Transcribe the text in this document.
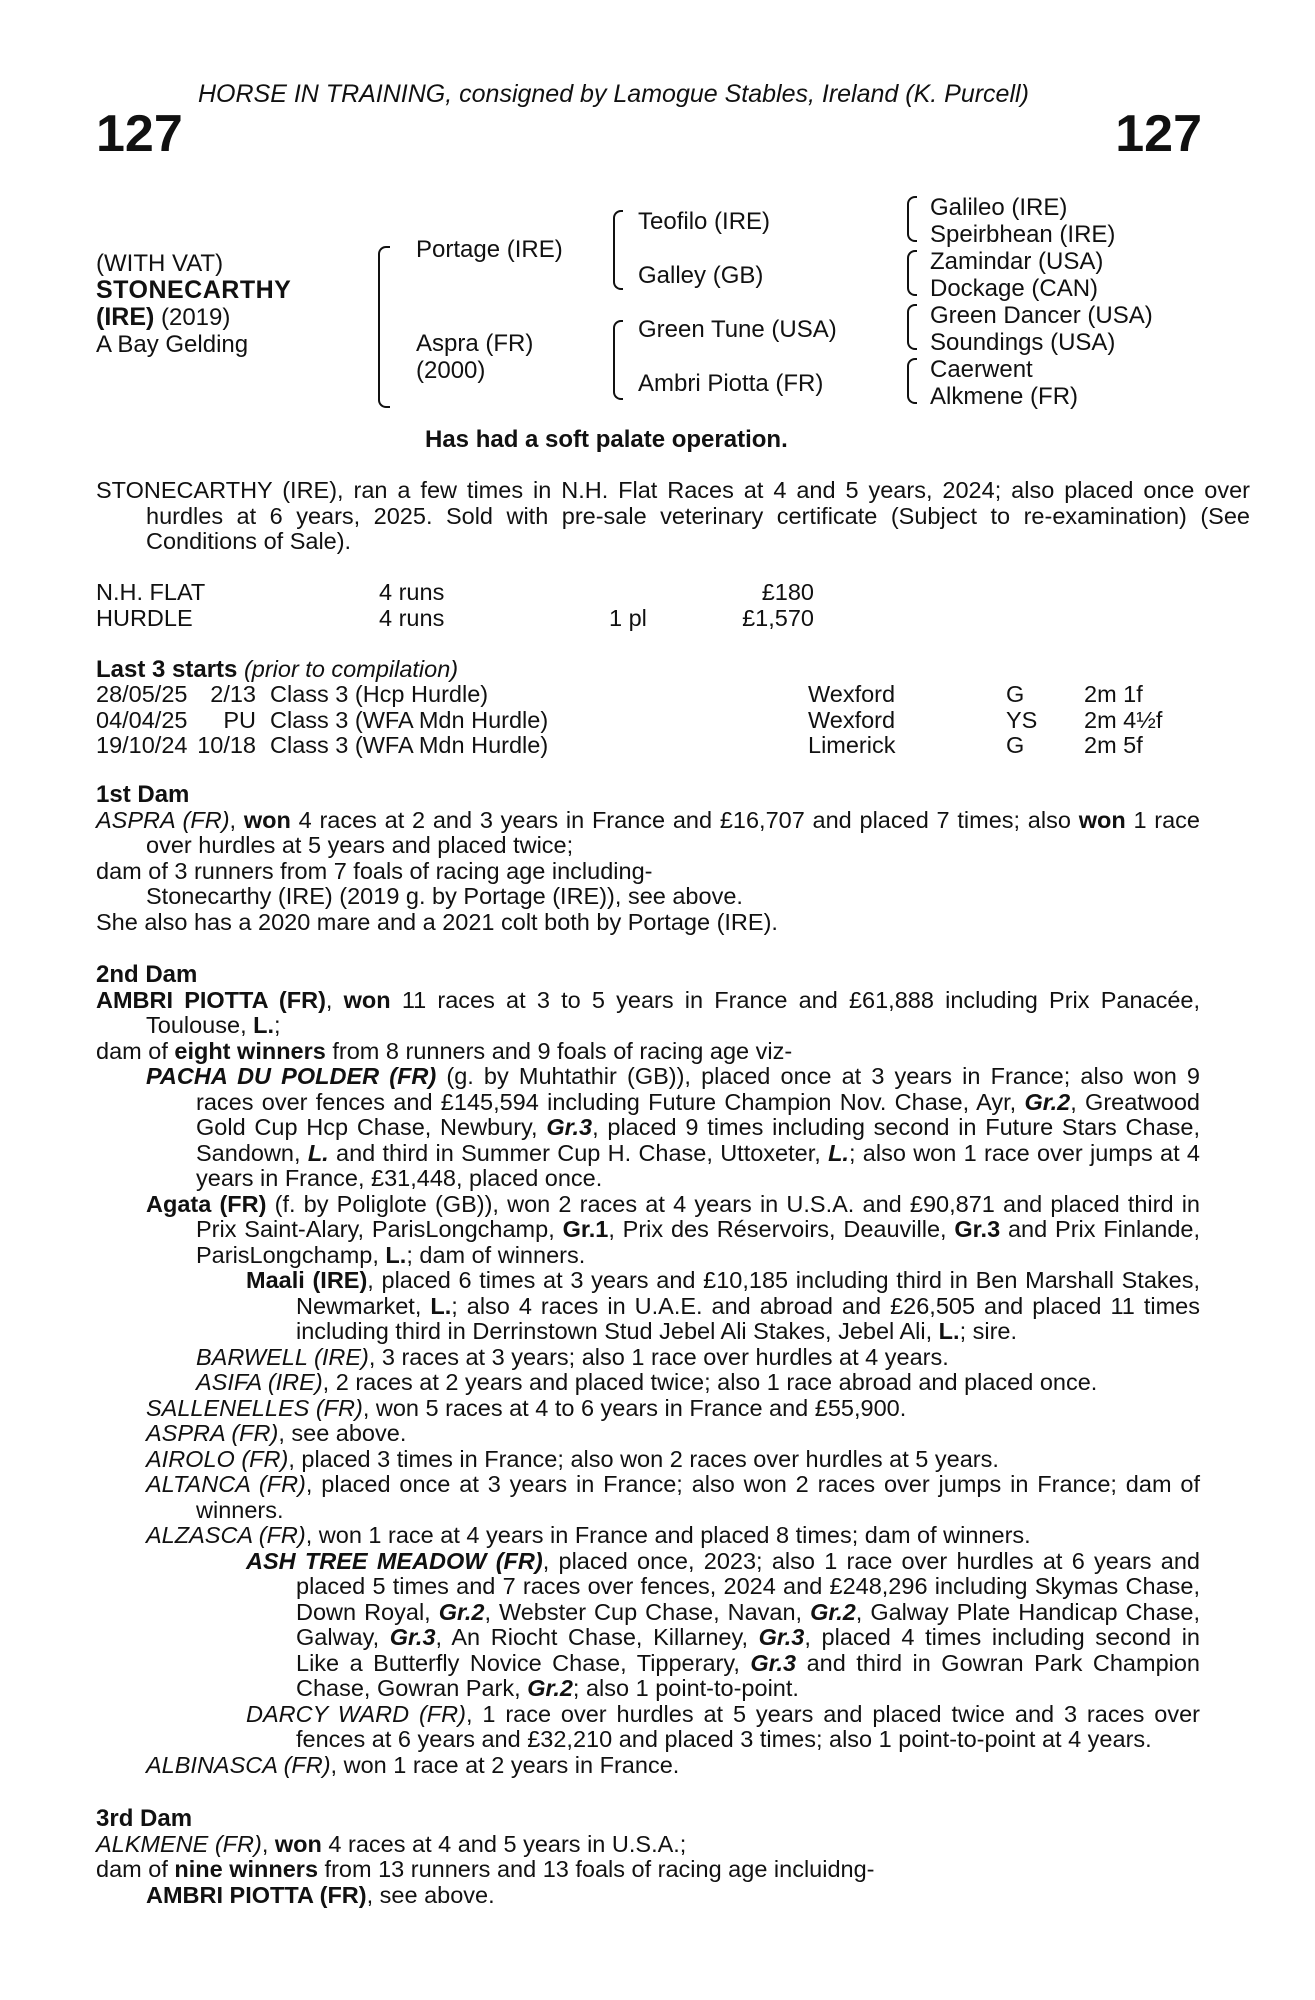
HORSE IN TRAINING, consigned by Lamogue Stables, Ireland (K. Purcell)
127	127
(WITH VAT)
STONECARTHY
(IRE) (2019)
A Bay Gelding
Portage (IRE)
Aspra (FR)
(2000)
Teofilo (IRE)
Galley (GB)
Green Tune (USA)
Ambri Piotta (FR)
Galileo (IRE)
Speirbhean (IRE)
Zamindar (USA)
Dockage (CAN)
Green Dancer (USA)
Soundings (USA)
Caerwent
Alkmene (FR)
Has had a soft palate operation.
STONECARTHY (IRE), ran a few times in N.H. Flat Races at 4 and 5 years, 2024; also placed once over hurdles at 6 years, 2025. Sold with pre-sale veterinary certificate (Subject to re-examination) (See Conditions of Sale).
N.H. FLAT	4 runs		£180
HURDLE	4 runs	1 pl	£1,570
Last 3 starts (prior to compilation)
28/05/25	2/13	Class 3 (Hcp Hurdle)	Wexford	G	2m 1f
04/04/25	PU	Class 3 (WFA Mdn Hurdle)	Wexford	YS	2m 4½f
19/10/24	10/18	Class 3 (WFA Mdn Hurdle)	Limerick	G	2m 5f
1st Dam

ASPRA (FR), won 4 races at 2 and 3 years in France and £16,707 and placed 7 times; also won 1 race over hurdles at 5 years and placed twice;

dam of 3 runners from 7 foals of racing age including-

Stonecarthy (IRE) (2019 g. by Portage (IRE)), see above.

She also has a 2020 mare and a 2021 colt both by Portage (IRE).

2nd Dam

AMBRI PIOTTA (FR), won 11 races at 3 to 5 years in France and £61,888 including Prix Panacée, Toulouse, L.;

dam of eight winners from 8 runners and 9 foals of racing age viz-

PACHA DU POLDER (FR) (g. by Muhtathir (GB)), placed once at 3 years in France; also won 9 races over fences and £145,594 including Future Champion Nov. Chase, Ayr, Gr.2, Greatwood Gold Cup Hcp Chase, Newbury, Gr.3, placed 9 times including second in Future Stars Chase, Sandown, L. and third in Summer Cup H. Chase, Uttoxeter, L.; also won 1 race over jumps at 4 years in France, £31,448, placed once.

Agata (FR) (f. by Poliglote (GB)), won 2 races at 4 years in U.S.A. and £90,871 and placed third in Prix Saint-Alary, ParisLongchamp, Gr.1, Prix des Réservoirs, Deauville, Gr.3 and Prix Finlande, ParisLongchamp, L.; dam of winners.

Maali (IRE), placed 6 times at 3 years and £10,185 including third in Ben Marshall Stakes, Newmarket, L.; also 4 races in U.A.E. and abroad and £26,505 and placed 11 times including third in Derrinstown Stud Jebel Ali Stakes, Jebel Ali, L.; sire.

BARWELL (IRE), 3 races at 3 years; also 1 race over hurdles at 4 years.

ASIFA (IRE), 2 races at 2 years and placed twice; also 1 race abroad and placed once.

SALLENELLES (FR), won 5 races at 4 to 6 years in France and £55,900.

ASPRA (FR), see above.

AIROLO (FR), placed 3 times in France; also won 2 races over hurdles at 5 years.

ALTANCA (FR), placed once at 3 years in France; also won 2 races over jumps in France; dam of winners.

ALZASCA (FR), won 1 race at 4 years in France and placed 8 times; dam of winners.

ASH TREE MEADOW (FR), placed once, 2023; also 1 race over hurdles at 6 years and placed 5 times and 7 races over fences, 2024 and £248,296 including Skymas Chase, Down Royal, Gr.2, Webster Cup Chase, Navan, Gr.2, Galway Plate Handicap Chase, Galway, Gr.3, An Riocht Chase, Killarney, Gr.3, placed 4 times including second in Like a Butterfly Novice Chase, Tipperary, Gr.3 and third in Gowran Park Champion Chase, Gowran Park, Gr.2; also 1 point-to-point.

DARCY WARD (FR), 1 race over hurdles at 5 years and placed twice and 3 races over fences at 6 years and £32,210 and placed 3 times; also 1 point-to-point at 4 years.

ALBINASCA (FR), won 1 race at 2 years in France.

3rd Dam

ALKMENE (FR), won 4 races at 4 and 5 years in U.S.A.;

dam of nine winners from 13 runners and 13 foals of racing age incluidng-

AMBRI PIOTTA (FR), see above.
